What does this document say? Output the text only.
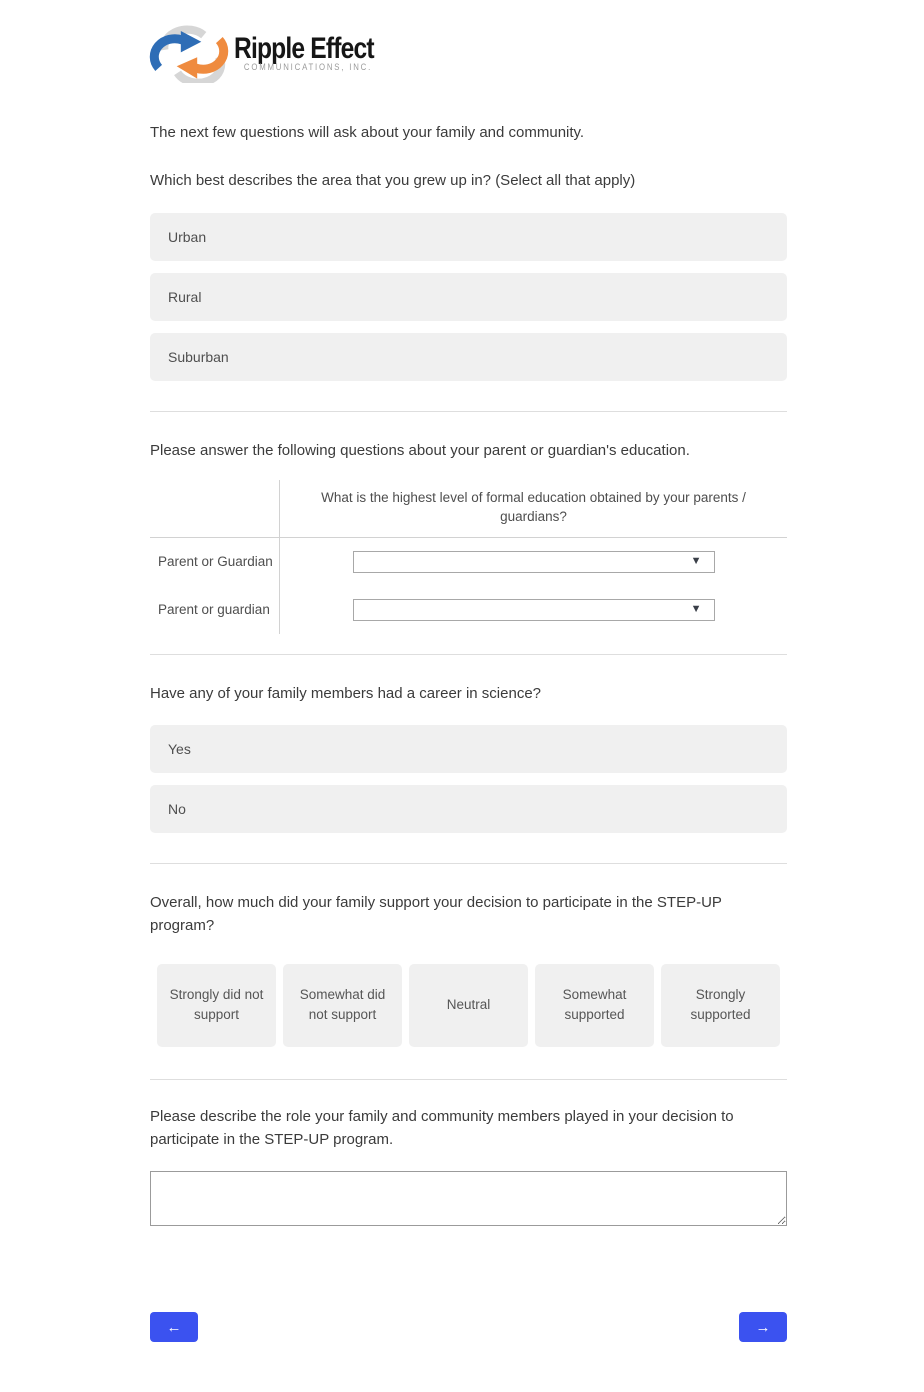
Ripple Effect
COMMUNICATIONS, INC.

The next few questions will ask about your family and community.

Which best describes the area that you grew up in? (Select all that apply)

Urban
Rural
Suburban

Please answer the following questions about your parent or guardian's education.

What is the highest level of formal education obtained by your parents / guardians?
Parent or Guardian	▼
Parent or guardian	▼

Have any of your family members had a career in science?

Yes
No

Overall, how much did your family support your decision to participate in the STEP-UP program?

Strongly did not support
Somewhat did not support
Neutral
Somewhat supported
Strongly supported

Please describe the role your family and community members played in your decision to participate in the STEP-UP program.

←	→
